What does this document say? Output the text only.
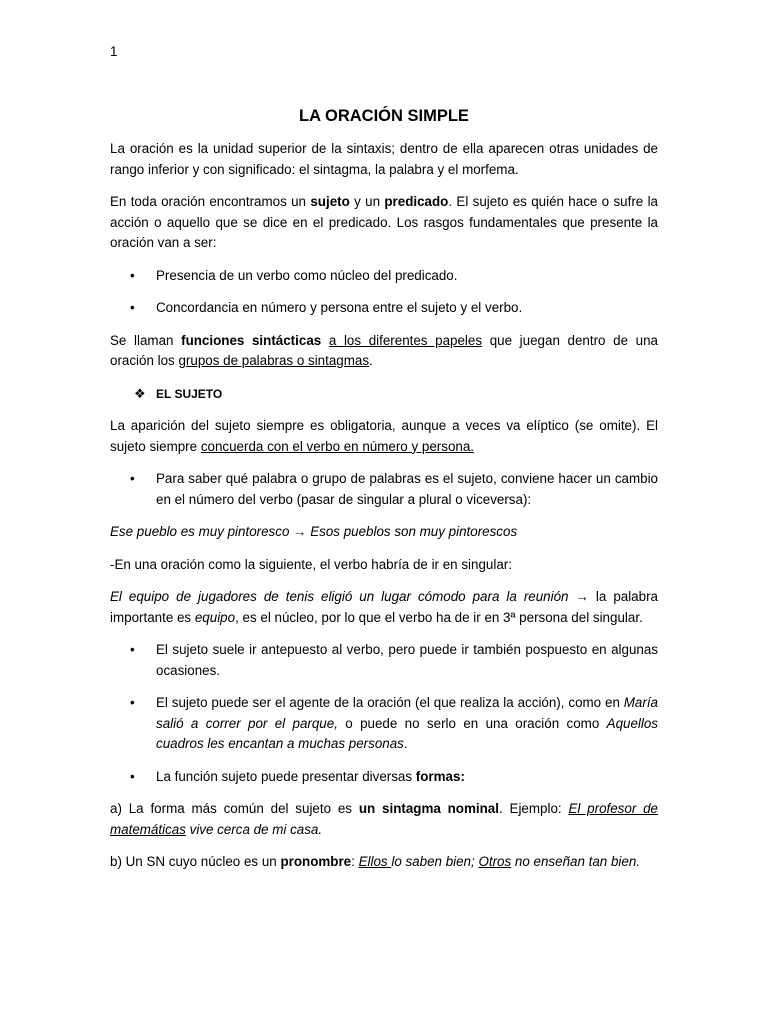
1
LA ORACIÓN SIMPLE

La oración es la unidad superior de la sintaxis; dentro de ella aparecen otras unidades de rango inferior y con significado: el sintagma, la palabra y el morfema.

En toda oración encontramos un sujeto y un predicado. El sujeto es quién hace o sufre la acción o aquello que se dice en el predicado. Los rasgos fundamentales que presente la oración van a ser:

• Presencia de un verbo como núcleo del predicado.
• Concordancia en número y persona entre el sujeto y el verbo.

Se llaman funciones sintácticas a los diferentes papeles que juegan dentro de una oración los grupos de palabras o sintagmas.

❖ EL SUJETO

La aparición del sujeto siempre es obligatoria, aunque a veces va elíptico (se omite). El sujeto siempre concuerda con el verbo en número y persona.

• Para saber qué palabra o grupo de palabras es el sujeto, conviene hacer un cambio en el número del verbo (pasar de singular a plural o viceversa):

Ese pueblo es muy pintoresco → Esos pueblos son muy pintorescos

-En una oración como la siguiente, el verbo habría de ir en singular:

El equipo de jugadores de tenis eligió un lugar cómodo para la reunión → la palabra importante es equipo, es el núcleo, por lo que el verbo ha de ir en 3ª persona del singular.

• El sujeto suele ir antepuesto al verbo, pero puede ir también pospuesto en algunas ocasiones.
• El sujeto puede ser el agente de la oración (el que realiza la acción), como en María salió a correr por el parque, o puede no serlo en una oración como Aquellos cuadros les encantan a muchas personas.
• La función sujeto puede presentar diversas formas:

a) La forma más común del sujeto es un sintagma nominal. Ejemplo: El profesor de matemáticas vive cerca de mi casa.

b) Un SN cuyo núcleo es un pronombre: Ellos lo saben bien; Otros no enseñan tan bien.
